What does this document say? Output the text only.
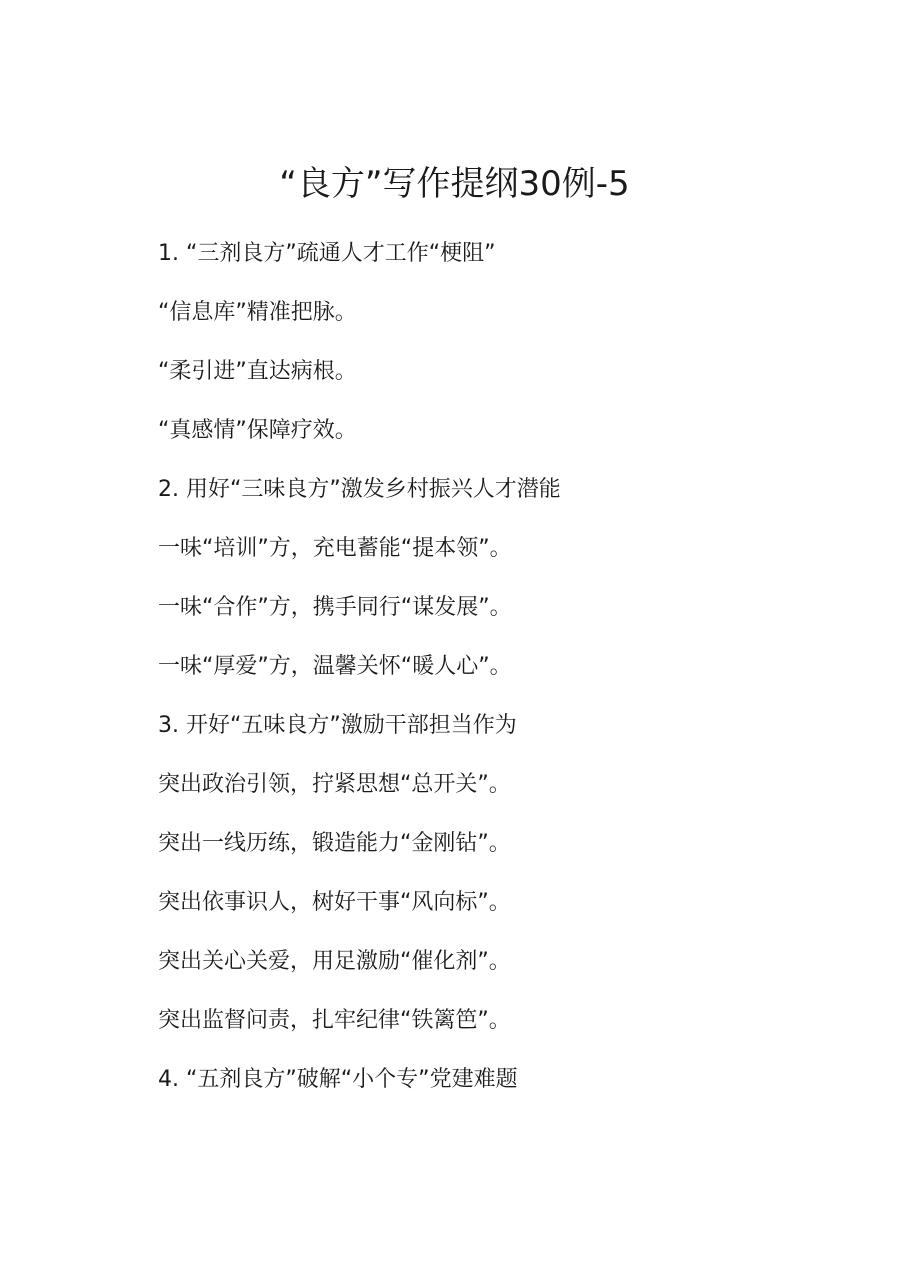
“良方”写作提纲30例-5
1. “三剂良方”疏通人才工作“梗阻”
“信息库”精准把脉。
“柔引进”直达病根。
“真感情”保障疗效。
2. 用好“三味良方”激发乡村振兴人才潜能
一味“培训”方，充电蓄能“提本领”。
一味“合作”方，携手同行“谋发展”。
一味“厚爱”方，温馨关怀“暖人心”。
3. 开好“五味良方”激励干部担当作为
突出政治引领，拧紧思想“总开关”。
突出一线历练，锻造能力“金刚钻”。
突出依事识人，树好干事“风向标”。
突出关心关爱，用足激励“催化剂”。
突出监督问责，扎牢纪律“铁篱笆”。
4. “五剂良方”破解“小个专”党建难题
